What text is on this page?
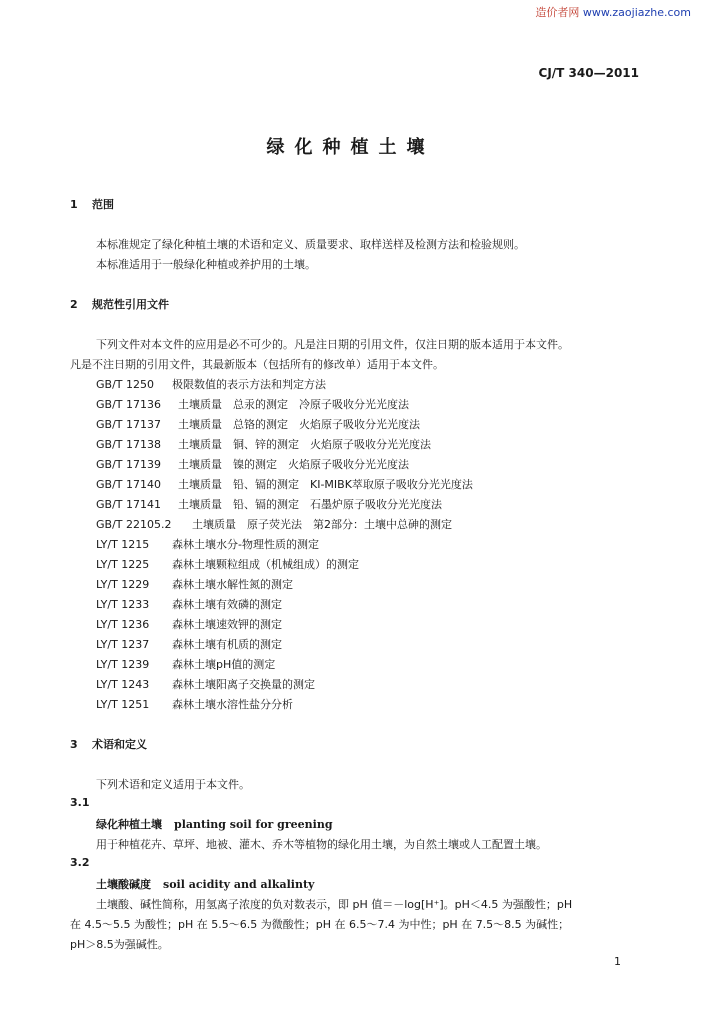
造价者网 www.zaojiazhe.com
CJ/T 340—2011
绿化种植土壤
1 范围
本标准规定了绿化种植土壤的术语和定义、质量要求、取样送样及检测方法和检验规则。
本标准适用于一般绿化种植或养护用的土壤。
2 规范性引用文件
下列文件对本文件的应用是必不可少的。凡是注日期的引用文件，仅注日期的版本适用于本文件。
凡是不注日期的引用文件，其最新版本（包括所有的修改单）适用于本文件。
GB/T 1250 极限数值的表示方法和判定方法
GB/T 17136 土壤质量　总汞的测定　冷原子吸收分光光度法
GB/T 17137 土壤质量　总铬的测定　火焰原子吸收分光光度法
GB/T 17138 土壤质量　铜、锌的测定　火焰原子吸收分光光度法
GB/T 17139 土壤质量　镍的测定　火焰原子吸收分光光度法
GB/T 17140 土壤质量　铅、镉的测定　KI-MIBK萃取原子吸收分光光度法
GB/T 17141 土壤质量　铅、镉的测定　石墨炉原子吸收分光光度法
GB/T 22105.2 土壤质量　原子荧光法　第2部分：土壤中总砷的测定
LY/T 1215 森林土壤水分-物理性质的测定
LY/T 1225 森林土壤颗粒组成（机械组成）的测定
LY/T 1229 森林土壤水解性氮的测定
LY/T 1233 森林土壤有效磷的测定
LY/T 1236 森林土壤速效钾的测定
LY/T 1237 森林土壤有机质的测定
LY/T 1239 森林土壤pH值的测定
LY/T 1243 森林土壤阳离子交换量的测定
LY/T 1251 森林土壤水溶性盐分分析
3 术语和定义
下列术语和定义适用于本文件。
3.1
绿化种植土壤 planting soil for greening
用于种植花卉、草坪、地被、灌木、乔木等植物的绿化用土壤，为自然土壤或人工配置土壤。
3.2
土壤酸碱度 soil acidity and alkalinty
土壤酸、碱性简称，用氢离子浓度的负对数表示，即 pH 值＝－log[H⁺]。pH＜4.5 为强酸性；pH
在 4.5～5.5 为酸性；pH 在 5.5～6.5 为微酸性；pH 在 6.5～7.4 为中性；pH 在 7.5～8.5 为碱性；
pH＞8.5为强碱性。
1
